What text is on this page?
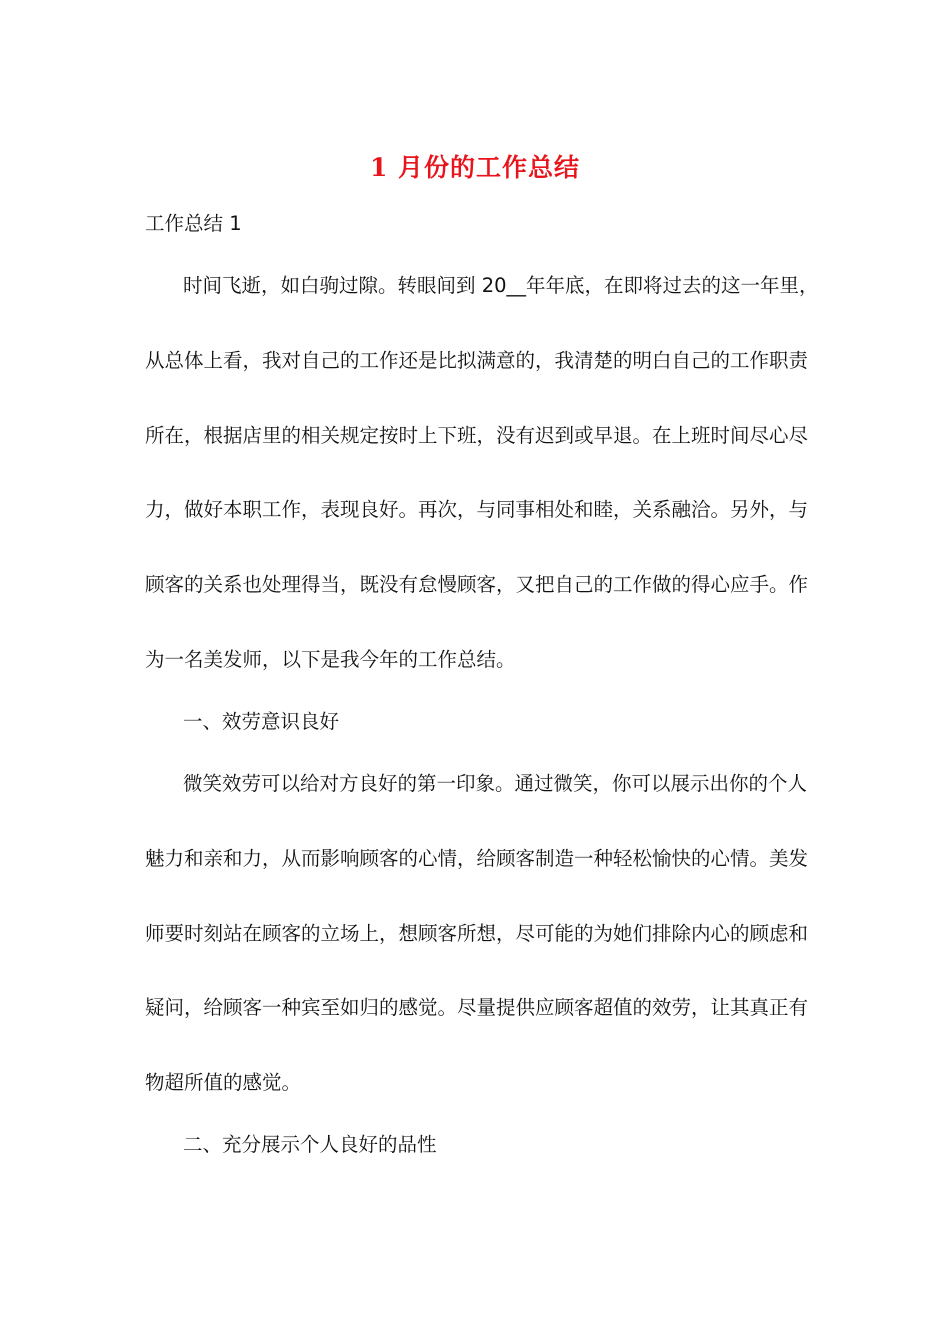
1 月份的工作总结

工作总结 1

时间飞逝，如白驹过隙。转眼间到 20__年年底，在即将过去的这一年里，

从总体上看，我对自己的工作还是比拟满意的，我清楚的明白自己的工作职责

所在，根据店里的相关规定按时上下班，没有迟到或早退。在上班时间尽心尽

力，做好本职工作，表现良好。再次，与同事相处和睦，关系融洽。另外，与

顾客的关系也处理得当，既没有怠慢顾客，又把自己的工作做的得心应手。作

为一名美发师，以下是我今年的工作总结。

一、效劳意识良好

微笑效劳可以给对方良好的第一印象。通过微笑，你可以展示出你的个人

魅力和亲和力，从而影响顾客的心情，给顾客制造一种轻松愉快的心情。美发

师要时刻站在顾客的立场上，想顾客所想，尽可能的为她们排除内心的顾虑和

疑问，给顾客一种宾至如归的感觉。尽量提供应顾客超值的效劳，让其真正有

物超所值的感觉。

二、充分展示个人良好的品性
